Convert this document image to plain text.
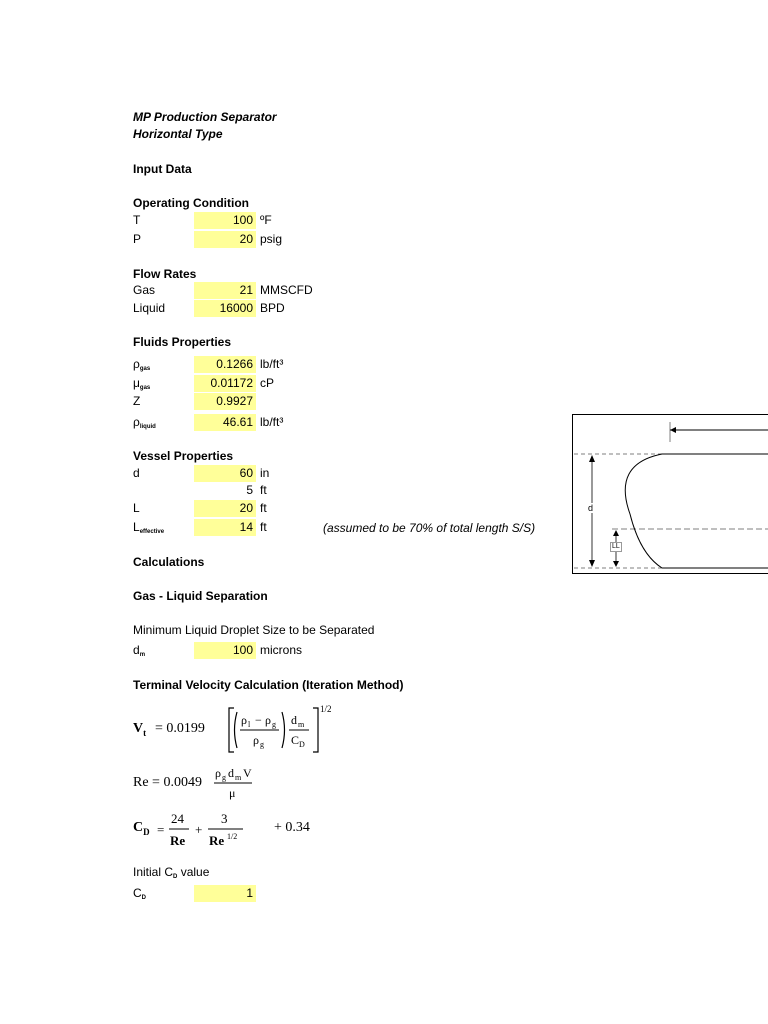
MP Production Separator
Horizontal Type
Input Data
Operating Condition
T	100 ºF
P	20 psig
Flow Rates
Gas	21 MMSCFD
Liquid	16000 BPD
Fluids Properties
$\rho_{gas}$	0.1266 lb/ft³
$\mu_{gas}$	0.01172 cP
Z	0.9927
$\rho_{liquid}$	46.61 lb/ft³
Vessel Properties
d	60 in
5 ft
L	20 ft
$L_{effective}$	14 ft	(assumed to be 70% of total length S/S)
Calculations
Gas - Liquid Separation
Minimum Liquid Droplet Size to be Separated
$d_m$	100 microns
Terminal Velocity Calculation (Iteration Method)
$V_t = 0.0199$
ρ l − ρ g
ρ g
d m
C D
1/2
Re = 0.0049
ρ g d m V
μ
$C_D$	+ 0.34
=
24
Re
+
3
Re 1/2
Initial $C_D$ value
$C_D$	1
d
LL
